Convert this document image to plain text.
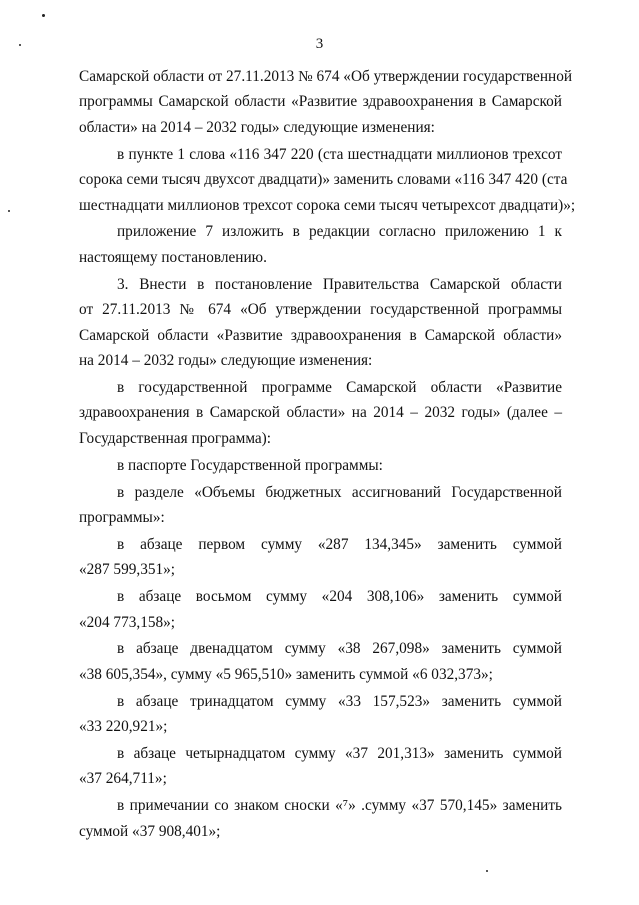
3
Самарской области от 27.11.2013 № 674 «Об утверждении государственной
программы Самарской области «Развитие здравоохранения в Самарской
области» на 2014 – 2032 годы» следующие изменения:
в пункте 1 слова «116 347 220 (ста шестнадцати миллионов трехсот
сорока семи тысяч двухсот двадцати)» заменить словами «116 347 420 (ста
шестнадцати миллионов трехсот сорока семи тысяч четырехсот двадцати)»;
приложение 7 изложить в редакции согласно приложению 1 к
настоящему постановлению.
3. Внести в постановление Правительства Самарской области
от 27.11.2013 № 674 «Об утверждении государственной программы
Самарской области «Развитие здравоохранения в Самарской области»
на 2014 – 2032 годы» следующие изменения:
в государственной программе Самарской области «Развитие
здравоохранения в Самарской области» на 2014 – 2032 годы» (далее –
Государственная программа):
в паспорте Государственной программы:
в разделе «Объемы бюджетных ассигнований Государственной
программы»:
в абзаце первом сумму «287 134,345» заменить суммой
«287 599,351»;
в абзаце восьмом сумму «204 308,106» заменить суммой
«204 773,158»;
в абзаце двенадцатом сумму «38 267,098» заменить суммой
«38 605,354», сумму «5 965,510» заменить суммой «6 032,373»;
в абзаце тринадцатом сумму «33 157,523» заменить суммой
«33 220,921»;
в абзаце четырнадцатом сумму «37 201,313» заменить суммой
«37 264,711»;
в примечании со знаком сноски «⁷» .сумму «37 570,145» заменить
суммой «37 908,401»;
